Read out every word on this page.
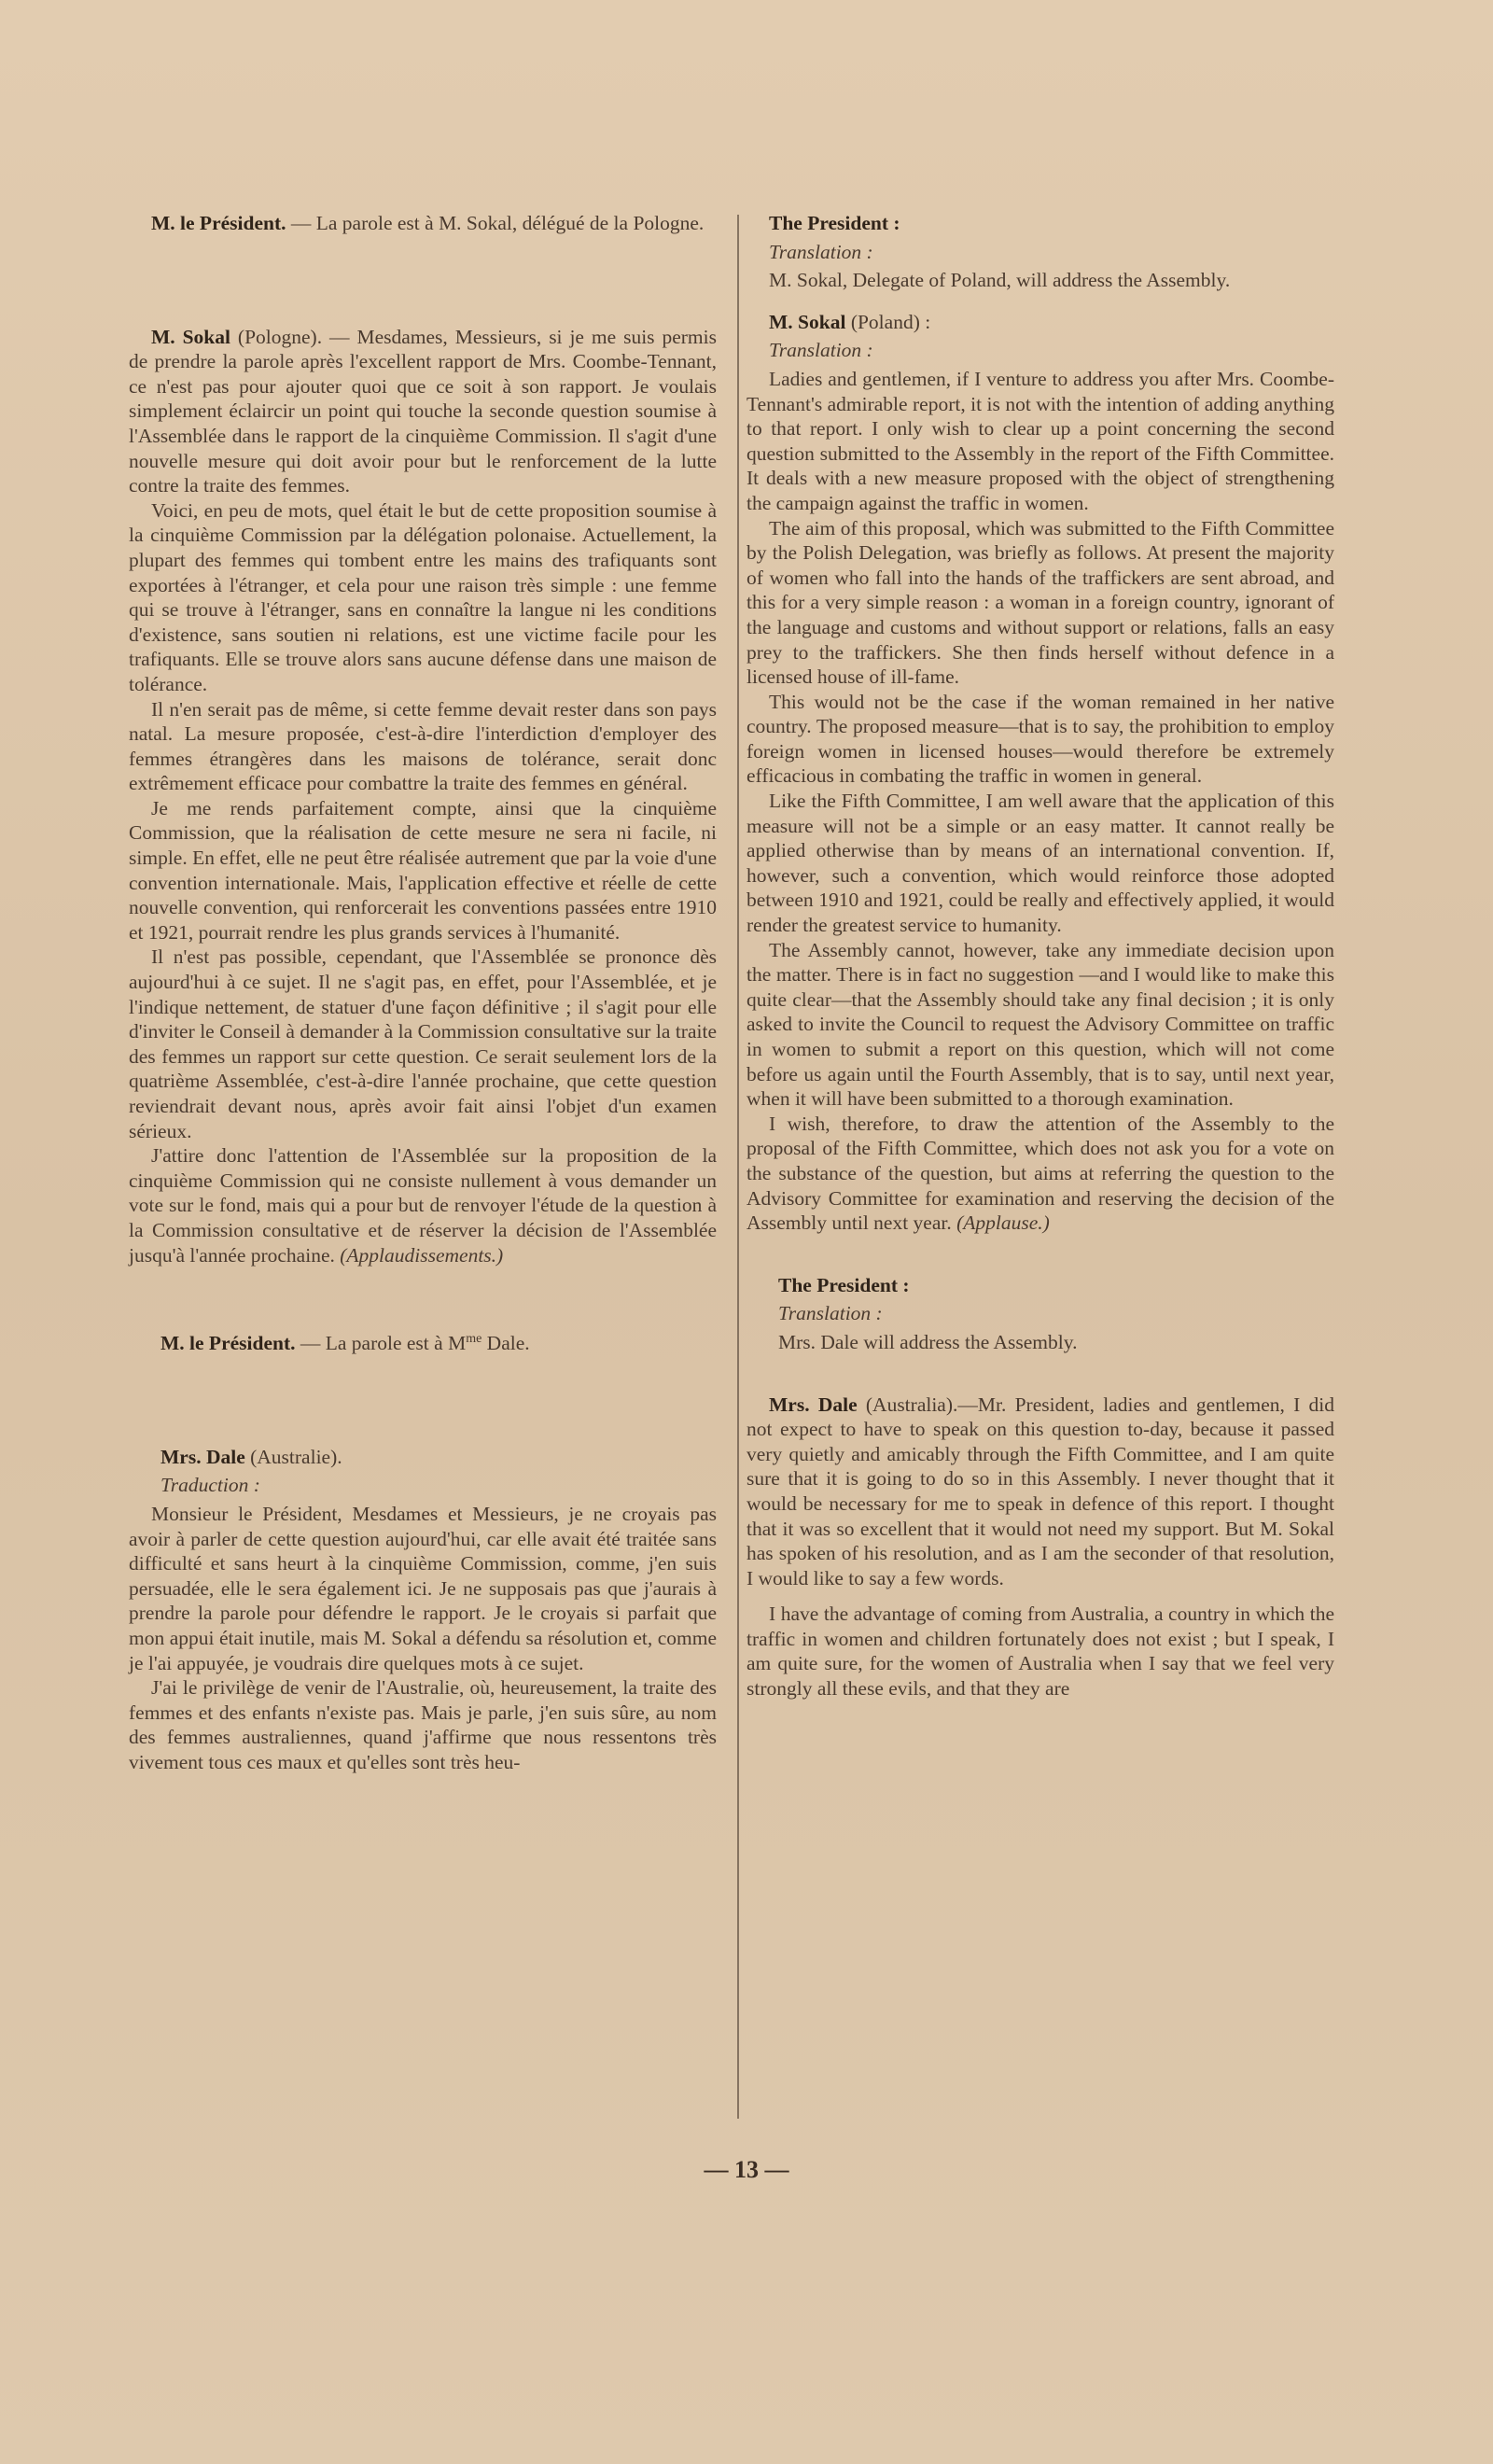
M. le Président. — La parole est à M. Sokal, délégué de la Pologne.

M. Sokal (Pologne). — Mesdames, Messieurs, si je me suis permis de prendre la parole après l'excellent rapport de Mrs. Coombe-Tennant, ce n'est pas pour ajouter quoi que ce soit à son rapport. Je voulais simplement éclaircir un point qui touche la seconde question soumise à l'Assemblée dans le rapport de la cinquième Commission. Il s'agit d'une nouvelle mesure qui doit avoir pour but le renforcement de la lutte contre la traite des femmes.

Voici, en peu de mots, quel était le but de cette proposition soumise à la cinquième Commission par la délégation polonaise. Actuellement, la plupart des femmes qui tombent entre les mains des trafiquants sont exportées à l'étranger, et cela pour une raison très simple : une femme qui se trouve à l'étranger, sans en connaître la langue ni les conditions d'existence, sans soutien ni relations, est une victime facile pour les trafiquants. Elle se trouve alors sans aucune défense dans une maison de tolérance.

Il n'en serait pas de même, si cette femme devait rester dans son pays natal. La mesure proposée, c'est-à-dire l'interdiction d'employer des femmes étrangères dans les maisons de tolérance, serait donc extrêmement efficace pour combattre la traite des femmes en général.

Je me rends parfaitement compte, ainsi que la cinquième Commission, que la réalisation de cette mesure ne sera ni facile, ni simple. En effet, elle ne peut être réalisée autrement que par la voie d'une convention internationale. Mais, l'application effective et réelle de cette nouvelle convention, qui renforcerait les conventions passées entre 1910 et 1921, pourrait rendre les plus grands services à l'humanité.

Il n'est pas possible, cependant, que l'Assemblée se prononce dès aujourd'hui à ce sujet. Il ne s'agit pas, en effet, pour l'Assemblée, et je l'indique nettement, de statuer d'une façon définitive ; il s'agit pour elle d'inviter le Conseil à demander à la Commission consultative sur la traite des femmes un rapport sur cette question. Ce serait seulement lors de la quatrième Assemblée, c'est-à-dire l'année prochaine, que cette question reviendrait devant nous, après avoir fait ainsi l'objet d'un examen sérieux.

J'attire donc l'attention de l'Assemblée sur la proposition de la cinquième Commission qui ne consiste nullement à vous demander un vote sur le fond, mais qui a pour but de renvoyer l'étude de la question à la Commission consultative et de réserver la décision de l'Assemblée jusqu'à l'année prochaine. (Applaudissements.)

M. le Président. — La parole est à $M^{me}$ Dale.
Mrs. Dale (Australie).
Traduction :

Monsieur le Président, Mesdames et Messieurs, je ne croyais pas avoir à parler de cette question aujourd'hui, car elle avait été traitée sans difficulté et sans heurt à la cinquième Commission, comme, j'en suis persuadée, elle le sera également ici. Je ne supposais pas que j'aurais à prendre la parole pour défendre le rapport. Je le croyais si parfait que mon appui était inutile, mais M. Sokal a défendu sa résolution et, comme je l'ai appuyée, je voudrais dire quelques mots à ce sujet.

J'ai le privilège de venir de l'Australie, où, heureusement, la traite des femmes et des enfants n'existe pas. Mais je parle, j'en suis sûre, au nom des femmes australiennes, quand j'affirme que nous ressentons très vivement tous ces maux et qu'elles sont très heu-

The President :
Translation :

M. Sokal, Delegate of Poland, will address the Assembly.

M. Sokal (Poland) :
Translation :

Ladies and gentlemen, if I venture to address you after Mrs. Coombe-Tennant's admirable report, it is not with the intention of adding anything to that report. I only wish to clear up a point concerning the second question submitted to the Assembly in the report of the Fifth Committee. It deals with a new measure proposed with the object of strengthening the campaign against the traffic in women.

The aim of this proposal, which was submitted to the Fifth Committee by the Polish Delegation, was briefly as follows. At present the majority of women who fall into the hands of the traffickers are sent abroad, and this for a very simple reason : a woman in a foreign country, ignorant of the language and customs and without support or relations, falls an easy prey to the traffickers. She then finds herself without defence in a licensed house of ill-fame.

This would not be the case if the woman remained in her native country. The proposed measure—that is to say, the prohibition to employ foreign women in licensed houses—would therefore be extremely efficacious in combating the traffic in women in general.

Like the Fifth Committee, I am well aware that the application of this measure will not be a simple or an easy matter. It cannot really be applied otherwise than by means of an international convention. If, however, such a convention, which would reinforce those adopted between 1910 and 1921, could be really and effectively applied, it would render the greatest service to humanity.

The Assembly cannot, however, take any immediate decision upon the matter. There is in fact no suggestion —and I would like to make this quite clear—that the Assembly should take any final decision ; it is only asked to invite the Council to request the Advisory Committee on traffic in women to submit a report on this question, which will not come before us again until the Fourth Assembly, that is to say, until next year, when it will have been submitted to a thorough examination.

I wish, therefore, to draw the attention of the Assembly to the proposal of the Fifth Committee, which does not ask you for a vote on the substance of the question, but aims at referring the question to the Advisory Committee for examination and reserving the decision of the Assembly until next year. (Applause.)

The President :
Translation :
Mrs. Dale will address the Assembly.

Mrs. Dale (Australia).—Mr. President, ladies and gentlemen, I did not expect to have to speak on this question to-day, because it passed very quietly and amicably through the Fifth Committee, and I am quite sure that it is going to do so in this Assembly. I never thought that it would be necessary for me to speak in defence of this report. I thought that it was so excellent that it would not need my support. But M. Sokal has spoken of his resolution, and as I am the seconder of that resolution, I would like to say a few words.

I have the advantage of coming from Australia, a country in which the traffic in women and children fortunately does not exist ; but I speak, I am quite sure, for the women of Australia when I say that we feel very strongly all these evils, and that they are

— 13 —
